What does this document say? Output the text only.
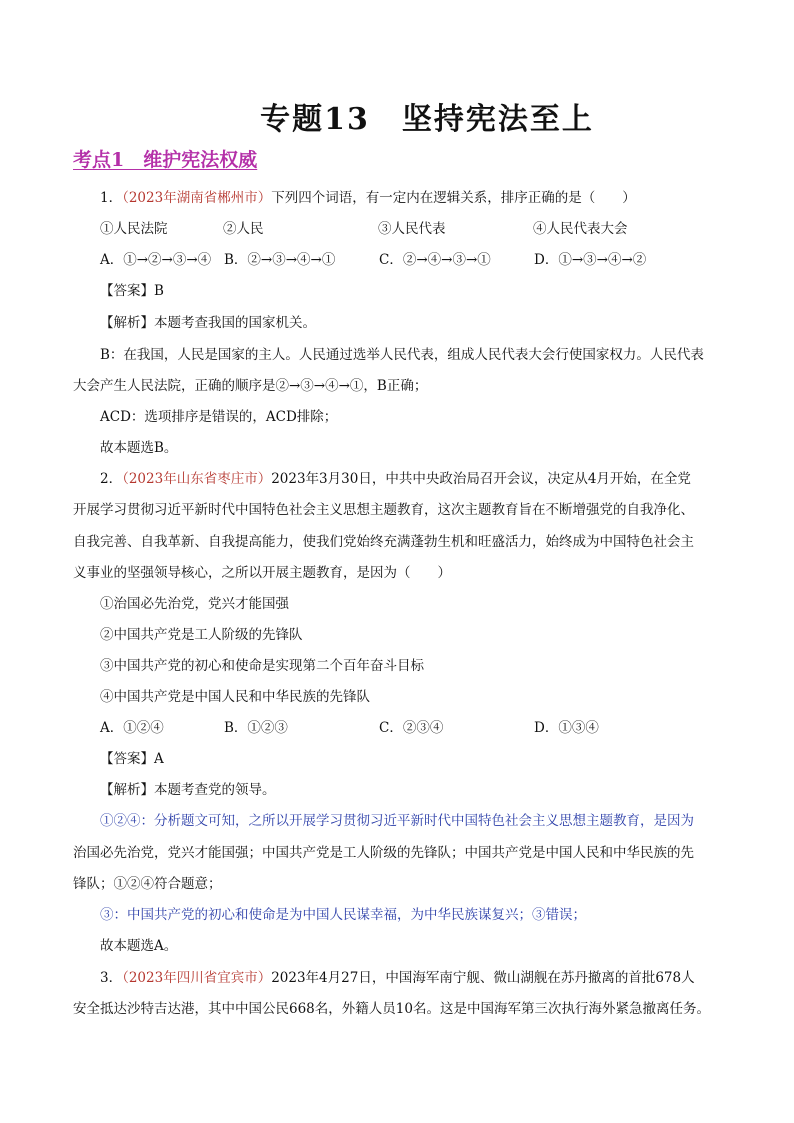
专题13　坚持宪法至上
考点1　维护宪法权威
1．（2023年湖南省郴州市）下列四个词语，有一定内在逻辑关系，排序正确的是（　　）
①人民法院	②人民	③人民代表	④人民代表大会
A．①→②→③→④ B．②→③→④→①	C．②→④→③→①	D．①→③→④→②
【答案】B
【解析】本题考查我国的国家机关。
B：在我国，人民是国家的主人。人民通过选举人民代表，组成人民代表大会行使国家权力。人民代表
大会产生人民法院，正确的顺序是②→③→④→①，B正确；
ACD：选项排序是错误的，ACD排除；
故本题选B。
2．（2023年山东省枣庄市）2023年3月30日，中共中央政治局召开会议，决定从4月开始，在全党
开展学习贯彻习近平新时代中国特色社会主义思想主题教育，这次主题教育旨在不断增强党的自我净化、
自我完善、自我革新、自我提高能力，使我们党始终充满蓬勃生机和旺盛活力，始终成为中国特色社会主
义事业的坚强领导核心，之所以开展主题教育，是因为（　　）
①治国必先治党，党兴才能国强
②中国共产党是工人阶级的先锋队
③中国共产党的初心和使命是实现第二个百年奋斗目标
④中国共产党是中国人民和中华民族的先锋队
A．①②④	B．①②③	C．②③④	D．①③④
【答案】A
【解析】本题考查党的领导。
①②④：分析题文可知，之所以开展学习贯彻习近平新时代中国特色社会主义思想主题教育，是因为
治国必先治党，党兴才能国强；中国共产党是工人阶级的先锋队；中国共产党是中国人民和中华民族的先
锋队；①②④符合题意；
③：中国共产党的初心和使命是为中国人民谋幸福，为中华民族谋复兴；③错误；
故本题选A。
3．（2023年四川省宜宾市）2023年4月27日，中国海军南宁舰、微山湖舰在苏丹撤离的首批678人
安全抵达沙特吉达港，其中中国公民668名，外籍人员10名。这是中国海军第三次执行海外紧急撤离任务。
